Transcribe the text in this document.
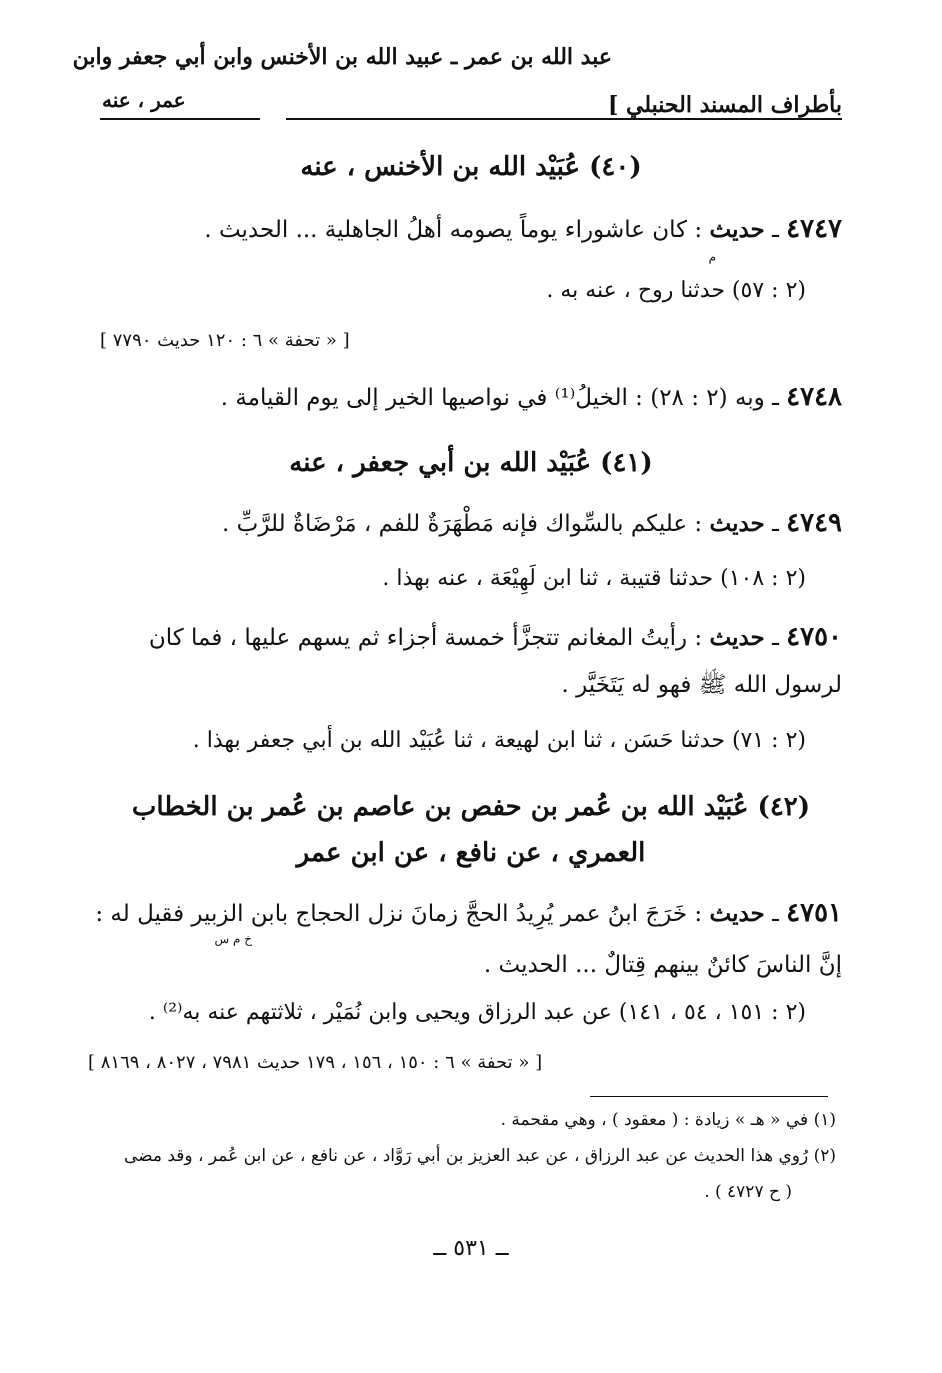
عبد الله بن عمر ـ عبيد الله بن الأخنس وابن أبي جعفر وابن
عمر ، عنه	بأطراف المسند الحنبلي ]
(٤٠) عُبَيْد الله بن الأخنس ، عنه
٤٧٤٧ ـ حديث : كان عاشوراء يوماً يصومه أهلُ الجاهلية ... الحديث .
م
(٢ : ٥٧) حدثنا روح ، عنه به .
[ « تحفة » ٦ : ١٢٠ حديث ٧٧٩٠ ]
٤٧٤٨ ـ وبه (٢ : ٢٨) : الخيلُ⁽¹⁾ في نواصيها الخير إلى يوم القيامة .
(٤١) عُبَيْد الله بن أبي جعفر ، عنه
٤٧٤٩ ـ حديث : عليكم بالسِّواك فإنه مَطْهَرَةٌ للفم ، مَرْضَاةٌ للرَّبِّ .
(٢ : ١٠٨) حدثنا قتيبة ، ثنا ابن لَهِيْعَة ، عنه بهذا .
٤٧٥٠ ـ حديث : رأيتُ المغانم تتجزَّأ خمسة أجزاء ثم يسهم عليها ، فما كان
لرسول الله ﷺ فهو له يَتَخَيَّر .
(٢ : ٧١) حدثنا حَسَن ، ثنا ابن لهيعة ، ثنا عُبَيْد الله بن أبي جعفر بهذا .
(٤٢) عُبَيْد الله بن عُمر بن حفص بن عاصم بن عُمر بن الخطاب
العمري ، عن نافع ، عن ابن عمر
٤٧٥١ ـ حديث : خَرَجَ ابنُ عمر يُرِيدُ الحجَّ زمانَ نزل الحجاج بابن الزبير فقيل له :
خ م س
إنَّ الناسَ كائنٌ بينهم قِتالٌ ... الحديث .
(٢ : ١٥١ ، ٥٤ ، ١٤١) عن عبد الرزاق ويحيى وابن نُمَيْر ، ثلاثتهم عنه به⁽²⁾ .
[ « تحفة » ٦ : ١٥٠ ، ١٥٦ ، ١٧٩ حديث ٧٩٨١ ، ٨٠٢٧ ، ٨١٦٩ ]
(١) في « هـ » زيادة : ( معقود ) ، وهي مقحمة .
(٢) رُوي هذا الحديث عن عبد الرزاق ، عن عبد العزيز بن أبي رَوَّاد ، عن نافع ، عن ابن عُمر ، وقد مضى
( ح ٤٧٢٧ ) .
ــ ٥٣١ ــ
